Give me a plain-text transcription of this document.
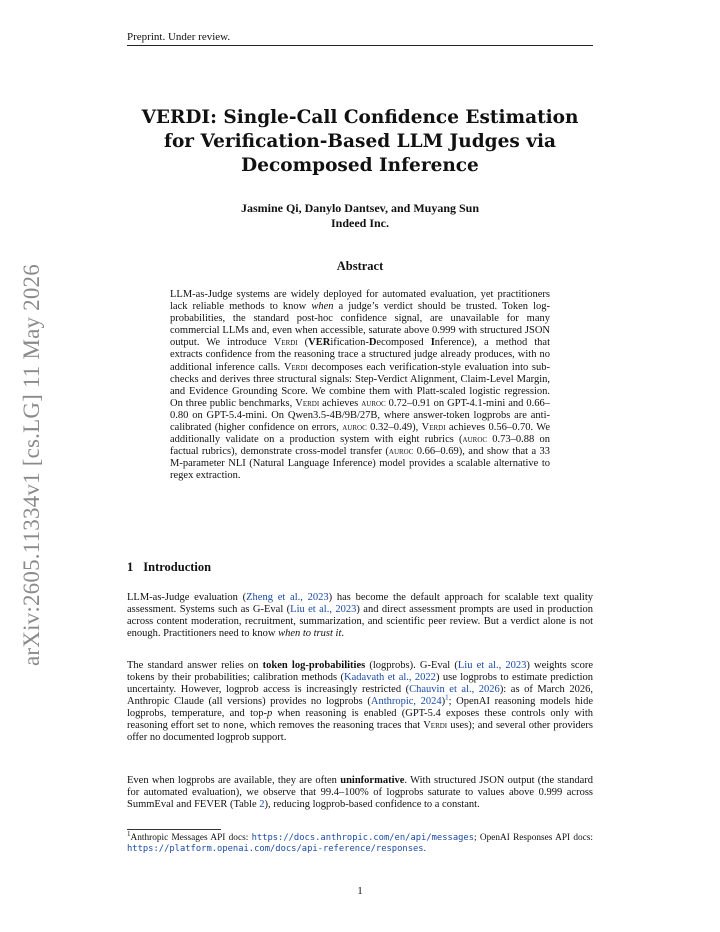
Preprint. Under review.
arXiv:2605.11334v1 [cs.LG] 11 May 2026
VERDI: Single-Call Confidence Estimation for Verification-Based LLM Judges via Decomposed Inference
Jasmine Qi, Danylo Dantsev, and Muyang Sun
Indeed Inc.
Abstract
LLM-as-Judge systems are widely deployed for automated evaluation, yet practitioners lack reliable methods to know when a judge’s verdict should be trusted. Token log-probabilities, the standard post-hoc confidence signal, are unavailable for many commercial LLMs and, even when accessible, saturate above 0.999 with structured JSON output. We introduce Verdi (VERification-Decomposed Inference), a method that extracts confidence from the reasoning trace a structured judge already produces, with no additional inference calls. Verdi decomposes each verification-style evaluation into sub-checks and derives three structural signals: Step-Verdict Alignment, Claim-Level Margin, and Evidence Grounding Score. We combine them with Platt-scaled logistic regression. On three public benchmarks, Verdi achieves auroc 0.72–0.91 on GPT-4.1-mini and 0.66–0.80 on GPT-5.4-mini. On Qwen3.5-4B/9B/27B, where answer-token logprobs are anti-calibrated (higher confidence on errors, auroc 0.32–0.49), Verdi achieves 0.56–0.70. We additionally validate on a production system with eight rubrics (auroc 0.73–0.88 on factual rubrics), demonstrate cross-model transfer (auroc 0.66–0.69), and show that a 33 M-parameter NLI (Natural Language Inference) model provides a scalable alternative to regex extraction.
1 Introduction
LLM-as-Judge evaluation (Zheng et al., 2023) has become the default approach for scalable text quality assessment. Systems such as G-Eval (Liu et al., 2023) and direct assessment prompts are used in production across content moderation, recruitment, summarization, and scientific peer review. But a verdict alone is not enough. Practitioners need to know when to trust it.
The standard answer relies on token log-probabilities (logprobs). G-Eval (Liu et al., 2023) weights score tokens by their probabilities; calibration methods (Kadavath et al., 2022) use logprobs to estimate prediction uncertainty. However, logprob access is increasingly restricted (Chauvin et al., 2026): as of March 2026, Anthropic Claude (all versions) provides no logprobs (Anthropic, 2024)$^1$; OpenAI reasoning models hide logprobs, temperature, and top-p when reasoning is enabled (GPT-5.4 exposes these controls only with reasoning effort set to none, which removes the reasoning traces that Verdi uses); and several other providers offer no documented logprob support.
Even when logprobs are available, they are often uninformative. With structured JSON output (the standard for automated evaluation), we observe that 99.4–100% of logprobs saturate to values above 0.999 across SummEval and FEVER (Table 2), reducing logprob-based confidence to a constant.
$^1$Anthropic Messages API docs: https://docs.anthropic.com/en/api/messages; OpenAI Responses API docs: https://platform.openai.com/docs/api-reference/responses.
1
